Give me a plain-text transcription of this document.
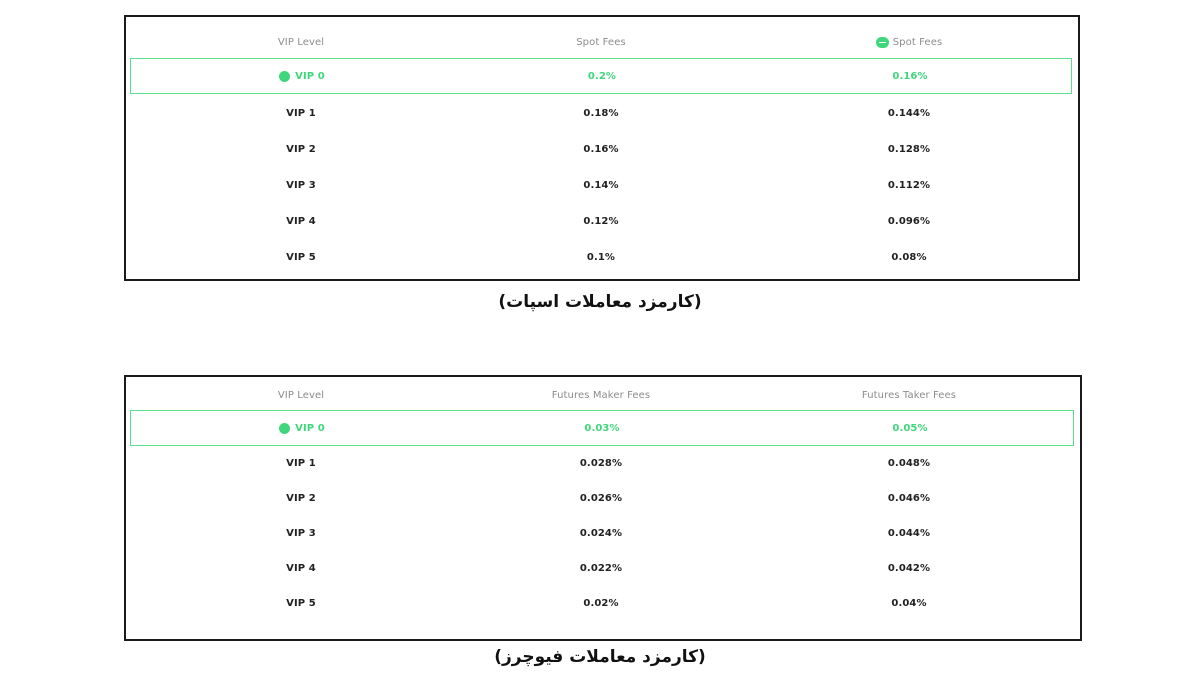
VIP Level	Spot Fees	Spot Fees
VIP 0	0.2%	0.16%
VIP 1	0.18%	0.144%
VIP 2	0.16%	0.128%
VIP 3	0.14%	0.112%
VIP 4	0.12%	0.096%
VIP 5	0.1%	0.08%
(کارمزد معاملات اسپات)
VIP Level	Futures Maker Fees	Futures Taker Fees
VIP 0	0.03%	0.05%
VIP 1	0.028%	0.048%
VIP 2	0.026%	0.046%
VIP 3	0.024%	0.044%
VIP 4	0.022%	0.042%
VIP 5	0.02%	0.04%
(کارمزد معاملات فیوچرز)
